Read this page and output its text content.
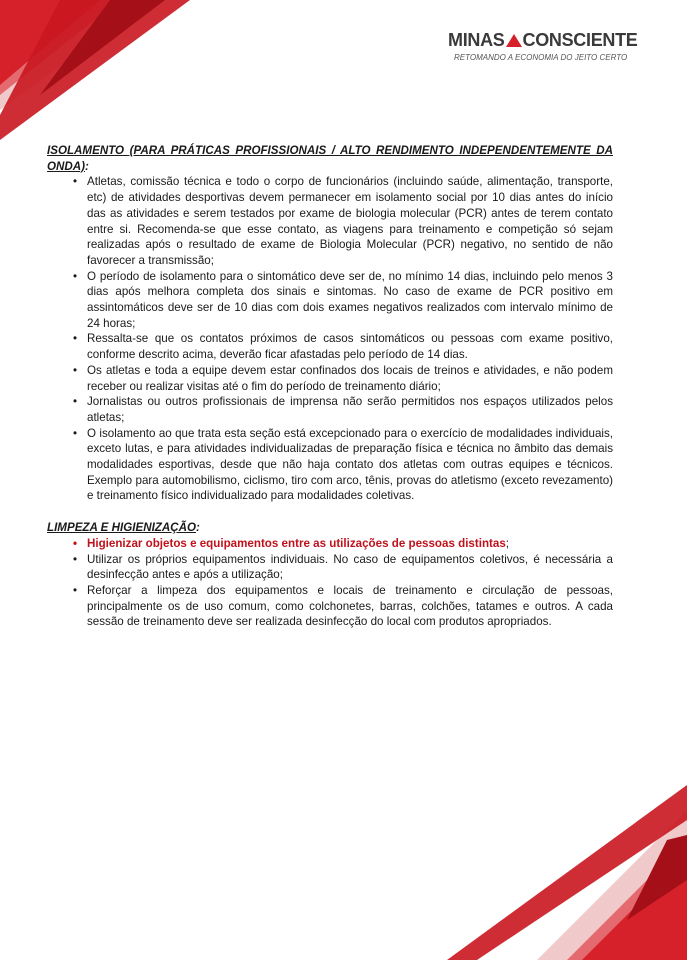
MINAS CONSCIENTE
RETOMANDO A ECONOMIA DO JEITO CERTO
ISOLAMENTO (PARA PRÁTICAS PROFISSIONAIS / ALTO RENDIMENTO INDEPENDENTEMENTE DA ONDA):
• Atletas, comissão técnica e todo o corpo de funcionários (incluindo saúde, alimentação, transporte, etc) de atividades desportivas devem permanecer em isolamento social por 10 dias antes do início das as atividades e serem testados por exame de biologia molecular (PCR) antes de terem contato entre si. Recomenda-se que esse contato, as viagens para treinamento e competição só sejam realizadas após o resultado de exame de Biologia Molecular (PCR) negativo, no sentido de não favorecer a transmissão;
• O período de isolamento para o sintomático deve ser de, no mínimo 14 dias, incluindo pelo menos 3 dias após melhora completa dos sinais e sintomas. No caso de exame de PCR positivo em assintomáticos deve ser de 10 dias com dois exames negativos realizados com intervalo mínimo de 24 horas;
• Ressalta-se que os contatos próximos de casos sintomáticos ou pessoas com exame positivo, conforme descrito acima, deverão ficar afastadas pelo período de 14 dias.
• Os atletas e toda a equipe devem estar confinados dos locais de treinos e atividades, e não podem receber ou realizar visitas até o fim do período de treinamento diário;
• Jornalistas ou outros profissionais de imprensa não serão permitidos nos espaços utilizados pelos atletas;
• O isolamento ao que trata esta seção está excepcionado para o exercício de modalidades individuais, exceto lutas, e para atividades individualizadas de preparação física e técnica no âmbito das demais modalidades esportivas, desde que não haja contato dos atletas com outras equipes e técnicos. Exemplo para automobilismo, ciclismo, tiro com arco, tênis, provas do atletismo (exceto revezamento) e treinamento físico individualizado para modalidades coletivas.
LIMPEZA E HIGIENIZAÇÃO:
• Higienizar objetos e equipamentos entre as utilizações de pessoas distintas;
• Utilizar os próprios equipamentos individuais. No caso de equipamentos coletivos, é necessária a desinfecção antes e após a utilização;
• Reforçar a limpeza dos equipamentos e locais de treinamento e circulação de pessoas, principalmente os de uso comum, como colchonetes, barras, colchões, tatames e outros. A cada sessão de treinamento deve ser realizada desinfecção do local com produtos apropriados.
